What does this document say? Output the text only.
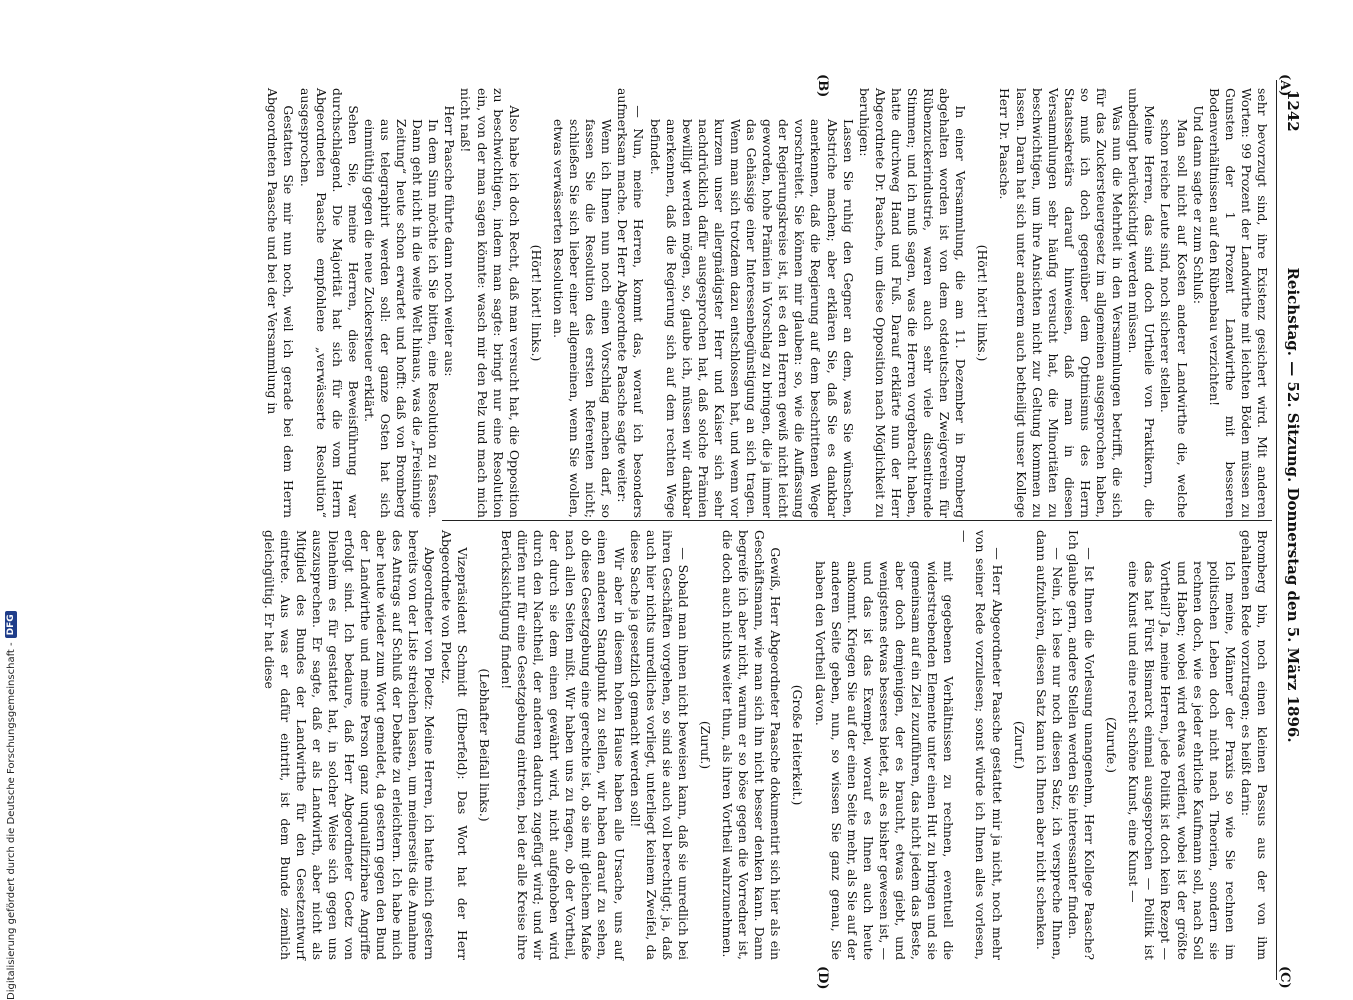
1242
Reichstag. — 52. Sitzung. Donnerstag den 5. März 1896.
(A)
(B)
(C)
(D)

sehr bevorzugt sind, ihre Existenz gesichert wird. Mit anderen Worten: 99 Prozent der Landwirthe mit leichten Böden müssen zu Gunsten der 1 Prozent Landwirthe mit besseren Bodenverhältnissen auf den Rübenbau verzichten!

Und dann sagte er zum Schluß:

Man soll nicht auf Kosten anderer Landwirthe die, welche schon reiche Leute sind, noch sicherer stellen.

Meine Herren, das sind doch Urtheile von Praktikern, die unbedingt berücksichtigt werden müssen.

Was nun die Mehrheit in den Versammlungen betrifft, die sich für das Zuckersteuergesetz im allgemeinen ausgesprochen haben, so muß ich doch gegenüber dem Optimismus des Herrn Staatssekretärs darauf hinweisen, daß man in diesen Versammlungen sehr häufig versucht hat, die Minoritäten zu beschwichtigen, um ihre Ansichten nicht zur Geltung kommen zu lassen. Daran hat sich unter anderem auch betheiligt unser Kollege Herr Dr. Paasche.

(Hört! hört! links.)

In einer Versammlung, die am 11. Dezember in Bromberg abgehalten worden ist von dem ostdeutschen Zweigverein für Rübenzuckerindustrie, waren auch sehr viele dissentirende Stimmen; und ich muß sagen, was die Herren vorgebracht haben, hatte durchweg Hand und Fuß. Darauf erklärte nun der Herr Abgeordnete Dr. Paasche, um diese Opposition nach Möglichkeit zu beruhigen:

Lassen Sie ruhig den Gegner an dem, was Sie wünschen, Abstriche machen; aber erklären Sie, daß Sie es dankbar anerkennen, daß die Regierung auf dem beschrittenen Wege vorschreitet. Sie können mir glauben: so, wie die Auffassung der Regierungskreise ist, ist es den Herren gewiß nicht leicht geworden, hohe Prämien in Vorschlag zu bringen, die ja immer das Gehässige einer Interessenbegünstigung an sich tragen. Wenn man sich trotzdem dazu entschlossen hat, und wenn vor kurzem unser allergnädigster Herr und Kaiser sich sehr nachdrücklich dafür ausgesprochen hat, daß solche Prämien bewilligt werden mögen, so, glaube ich, müssen wir dankbar anerkennen, daß die Regierung sich auf dem rechten Wege befindet.

— Nun, meine Herren, kommt das, worauf ich besonders aufmerksam mache. Der Herr Abgeordnete Paasche sagte weiter:

Wenn ich Ihnen nun noch einen Vorschlag machen darf, so fassen Sie die Resolution des ersten Referenten nicht; schließen Sie sich lieber einer allgemeinen, wenn Sie wollen, etwas verwässerten Resolution an.

(Hört! hört! links.)

Also habe ich doch Recht, daß man versucht hat, die Opposition zu beschwichtigen, indem man sagte: bringt nur eine Resolution ein, von der man sagen könnte: wasch mir den Pelz und mach mich nicht naß!

Herr Paasche führte dann noch weiter aus:

In dem Sinn möchte ich Sie bitten, eine Resolution zu fassen. Dann geht nicht in die weite Welt hinaus, was die „Freisinnige Zeitung“ heute schon erwartet und hofft: daß von Bromberg aus telegraphirt werden soll: der ganze Osten hat sich einmüthig gegen die neue Zuckersteuer erklärt.

Sehen Sie, meine Herren, diese Beweisführung war durchschlagend. Die Majorität hat sich für die vom Herrn Abgeordneten Paasche empfohlene „verwässerte Resolution“ ausgesprochen.

Gestatten Sie mir nun noch, weil ich gerade bei dem Herrn Abgeordneten Paasche und bei der Versammlung in

Bromberg bin, noch einen kleinen Passus aus der von ihm gehaltenen Rede vorzutragen; es heißt darin:

Ich meine, Männer der Praxis so wie Sie rechnen im politischen Leben doch nicht nach Theorien, sondern sie rechnen doch, wie es jeder ehrliche Kaufmann soll, nach Soll und Haben; wobei wird etwas verdient, wobei ist der größte Vortheil? Ja, meine Herren, jede Politik ist doch kein Rezept — das hat Fürst Bismarck einmal ausgesprochen — Politik ist eine Kunst und eine recht schöne Kunst, eine Kunst —

(Zurufe.)

— Ist Ihnen die Vorlesung unangenehm, Herr Kollege Paasche? Ich glaube gern, andere Stellen werden Sie interessanter finden.

— Nein, ich lese nur noch diesen Satz; ich verspreche Ihnen, dann aufzuhören, diesen Satz kann ich Ihnen aber nicht schenken.

(Zuruf.)

— Herr Abgeordneter Paasche gestattet mir ja nicht, noch mehr von seiner Rede vorzulesen; sonst würde ich Ihnen alles vorlesen, —

mit gegebenen Verhältnissen zu rechnen, eventuell die widerstrebenden Elemente unter einen Hut zu bringen und sie gemeinsam auf ein Ziel zuzuführen, das nicht jedem das Beste, aber doch demjenigen, der es braucht, etwas giebt, und wenigstens etwas besseres bietet, als es bisher gewesen ist, — und das ist das Exempel, worauf es Ihnen auch heute ankommt. Kriegen Sie auf der einen Seite mehr, als Sie auf der anderen Seite geben, nun, so wissen Sie ganz genau, Sie haben den Vortheil davon.

(Große Heiterkeit.)

Gewiß, Herr Abgeordneter Paasche dokumentirt sich hier als ein Geschäftsmann, wie man sich ihn nicht besser denken kann. Dann begreife ich aber nicht, warum er so böse gegen die Vorredner ist, die doch auch nichts weiter thun, als ihren Vortheil wahrzunehmen.

(Zuruf.)

— Sobald man ihnen nicht beweisen kann, daß sie unredlich bei ihren Geschäften vorgehen, so sind sie auch voll berechtigt; ja, daß auch hier nichts unredliches vorliegt, unterliegt keinem Zweifel, da diese Sache ja gesetzlich gemacht werden soll!

Wir aber in diesem hohen Hause haben alle Ursache, uns auf einen anderen Standpunkt zu stellen, wir haben darauf zu sehen, ob diese Gesetzgebung eine gerechte ist, ob sie mit gleichem Maße nach allen Seiten mißt. Wir haben uns zu fragen, ob der Vortheil, der durch sie dem einen gewährt wird, nicht aufgehoben wird durch den Nachtheil, der anderen dadurch zugefügt wird; und wir dürfen nur für eine Gesetzgebung eintreten, bei der alle Kreise ihre Berücksichtigung finden!

(Lebhafter Beifall links.)

Vizepräsident Schmidt (Elberfeld): Das Wort hat der Herr Abgeordnete von Ploetz.

Abgeordneter von Ploetz: Meine Herren, ich hatte mich gestern bereits von der Liste streichen lassen, um meinerseits die Annahme des Antrags auf Schluß der Debatte zu erleichtern. Ich habe mich aber heute wieder zum Wort gemeldet, da gestern gegen den Bund der Landwirthe und meine Person ganz unqualifizirbare Angriffe erfolgt sind. Ich bedaure, daß Herr Abgeordneter Goetz von Dienheim es für gestattet hat, in solcher Weise sich gegen uns auszusprechen. Er sagte, daß er als Landwirth, aber nicht als Mitglied des Bundes der Landwirthe für den Gesetzentwurf eintrete. Aus was er dafür eintritt, ist dem Bunde ziemlich gleichgültig. Er hat diese

Digitalisierung gefördert durch die Deutsche Forschungsgemeinschaft -
DFG
